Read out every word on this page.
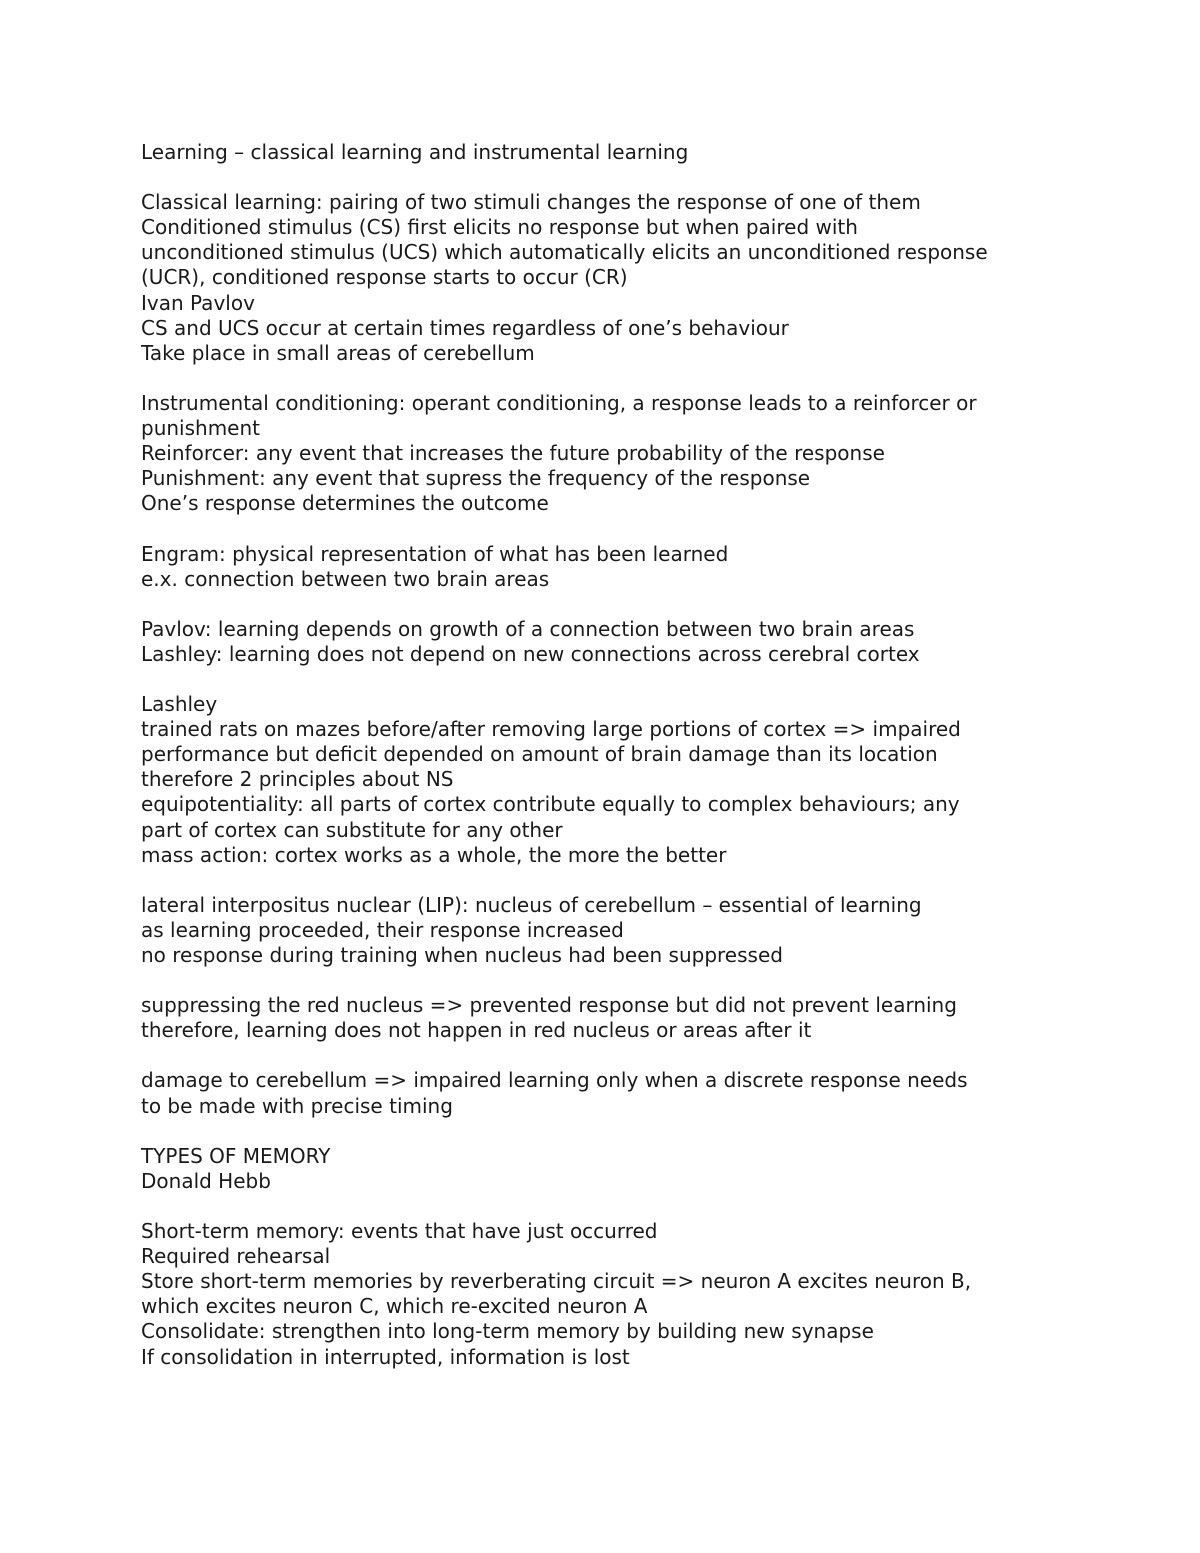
Learning – classical learning and instrumental learning
Classical learning: pairing of two stimuli changes the response of one of them
Conditioned stimulus (CS) first elicits no response but when paired with
unconditioned stimulus (UCS) which automatically elicits an unconditioned response
(UCR), conditioned response starts to occur (CR)
Ivan Pavlov
CS and UCS occur at certain times regardless of one’s behaviour
Take place in small areas of cerebellum
Instrumental conditioning: operant conditioning, a response leads to a reinforcer or
punishment
Reinforcer: any event that increases the future probability of the response
Punishment: any event that supress the frequency of the response
One’s response determines the outcome
Engram: physical representation of what has been learned
e.x. connection between two brain areas
Pavlov: learning depends on growth of a connection between two brain areas
Lashley: learning does not depend on new connections across cerebral cortex
Lashley
trained rats on mazes before/after removing large portions of cortex => impaired
performance but deficit depended on amount of brain damage than its location
therefore 2 principles about NS
equipotentiality: all parts of cortex contribute equally to complex behaviours; any
part of cortex can substitute for any other
mass action: cortex works as a whole, the more the better
lateral interpositus nuclear (LIP): nucleus of cerebellum – essential of learning
as learning proceeded, their response increased
no response during training when nucleus had been suppressed
suppressing the red nucleus => prevented response but did not prevent learning
therefore, learning does not happen in red nucleus or areas after it
damage to cerebellum => impaired learning only when a discrete response needs
to be made with precise timing
TYPES OF MEMORY
Donald Hebb
Short-term memory: events that have just occurred
Required rehearsal
Store short-term memories by reverberating circuit => neuron A excites neuron B,
which excites neuron C, which re-excited neuron A
Consolidate: strengthen into long-term memory by building new synapse
If consolidation in interrupted, information is lost
